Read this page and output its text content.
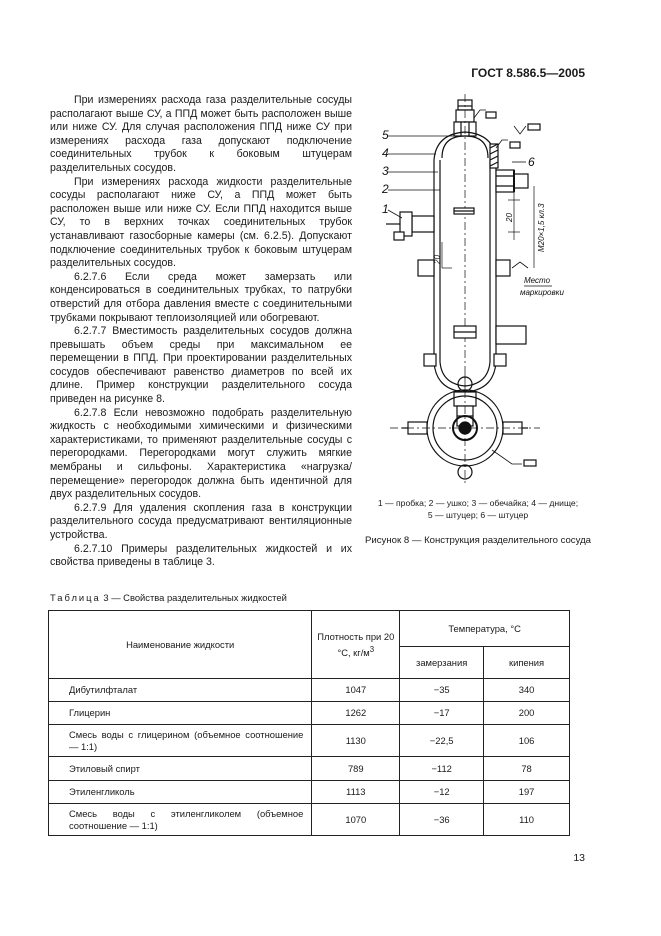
ГОСТ 8.586.5—2005

При измерениях расхода газа разделительные сосуды располагают выше СУ, а ППД может быть расположен выше или ниже СУ. Для случая расположения ППД ниже СУ при измерениях расхода газа допускают подключение соединительных трубок к боковым штуцерам разделительных сосудов.

При измерениях расхода жидкости разделительные сосуды располагают ниже СУ, а ППД может быть расположен выше или ниже СУ. Если ППД находится выше СУ, то в верхних точках соединительных трубок устанавливают газосборные камеры (см. 6.2.5). Допускают подключение соединительных трубок к боковым штуцерам разделительных сосудов.

6.2.7.6 Если среда может замерзать или конденсироваться в соединительных трубках, то патрубки отверстий для отбора давления вместе с соединительными трубками покрывают теплоизоляцией или обогревают.

6.2.7.7 Вместимость разделительных сосудов должна превышать объем среды при максимальном ее перемещении в ППД. При проектировании разделительных сосудов обеспечивают равенство диаметров по всей их длине. Пример конструкции разделительного сосуда приведен на рисунке 8.

6.2.7.8 Если невозможно подобрать разделительную жидкость с необходимыми химическими и физическими характеристиками, то применяют разделительные сосуды с перегородками. Перегородками могут служить мягкие мембраны и сильфоны. Характеристика «нагрузка/перемещение» перегородок должна быть идентичной для двух разделительных сосудов.

6.2.7.9 Для удаления скопления газа в конструкции разделительного сосуда предусматривают вентиляционные устройства.

6.2.7.10 Примеры разделительных жидкостей и их свойства приведены в таблице 3.

5
4
3
2
1
6
20
20
М20×1,5 кл.3
Место
маркировки
1 — пробка; 2 — ушко; 3 — обечайка; 4 — днище;
5 — штуцер; 6 — штуцер
Рисунок 8 — Конструкция разделительного сосуда
Таблица 3 — Свойства разделительных жидкостей
Наименование жидкости	Плотность при 20 °С, $кг/м^3$	Температура, °С	
		замерзания	кипения
Дибутилфталат	1047	−35	340
Глицерин	1262	−17	200
Смесь воды с глицерином (объемное соотношение — 1:1)	1130	−22,5	106
Этиловый спирт	789	−112	78
Этиленгликоль	1113	−12	197
Смесь воды с этиленгликолем (объемное соотношение — 1:1)	1070	−36	110
13
